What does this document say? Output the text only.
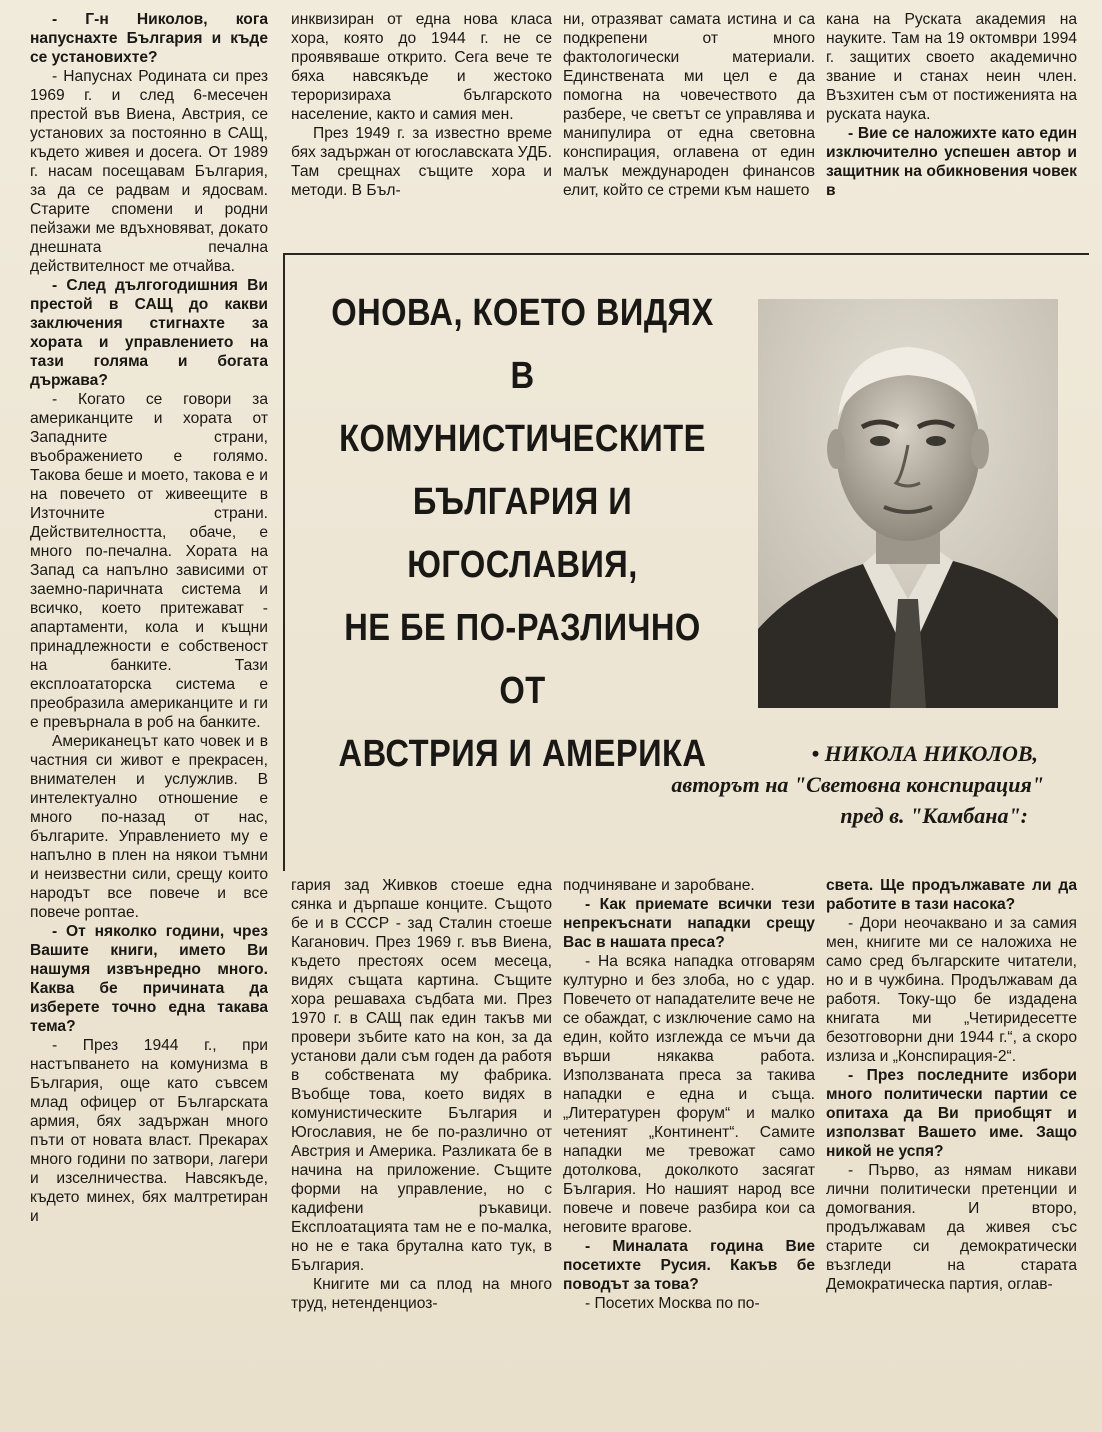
- Г-н Николов, кога напуснахте България и къде се установихте?

- Напуснах Родината си през 1969 г. и след 6-месечен престой във Виена, Австрия, се установих за постоянно в САЩ, където живея и досега. От 1989 г. насам посещавам България, за да се радвам и ядосвам. Старите спомени и родни пейзажи ме вдъхновяват, докато днешната печална действителност ме отчайва.

- След дългогодишния Ви престой в САЩ до какви заключения стигнахте за хората и управлението на тази голяма и богата държава?

- Когато се говори за американците и хората от Западните страни, въображението е голямо. Такова беше и моето, такова е и на повечето от живеещите в Източните страни. Действителността, обаче, е много по-печална. Хората на Запад са напълно зависими от заемно-паричната система и всичко, което притежават - апартаменти, кола и къщни принадлежности е собственост на банките. Тази експлоататорска система е преобразила американците и ги е превърнала в роб на банките.

Американецът като човек и в частния си живот е прекрасен, внимателен и услужлив. В интелектуално отношение е много по-назад от нас, българите. Управлението му е напълно в плен на някои тъмни и неизвестни сили, срещу които народът все повече и все повече роптае.

- От няколко години, чрез Вашите книги, името Ви нашумя извънредно много. Каква бе причината да изберете точно една такава тема?

- През 1944 г., при настъпването на комунизма в България, още като съвсем млад офицер от Българската армия, бях задържан много пъти от новата власт. Прекарах много години по затвори, лагери и изселничества. Навсякъде, където минех, бях малтретиран и

инквизиран от една нова класа хора, която до 1944 г. не се проявяваше открито. Сега вече те бяха навсякъде и жестоко тероризираха българското население, както и самия мен.

През 1949 г. за известно време бях задържан от югославската УДБ. Там срещнах същите хора и методи. В Бъл-

ни, отразяват самата истина и са подкрепени от много фактологически материали. Единствената ми цел е да помогна на човечеството да разбере, че светът се управлява и манипулира от една световна конспирация, оглавена от един малък международен финансов елит, който се стреми към нашето

кана на Руската академия на науките. Там на 19 октомври 1994 г. защитих своето академично звание и станах неин член. Възхитен съм от постиженията на руската наука.

- Вие се наложихте като един изключително успешен автор и защитник на обикновения човек в

ОНОВА, КОЕТО ВИДЯХ
В КОМУНИСТИЧЕСКИТЕ
БЪЛГАРИЯ И
ЮГОСЛАВИЯ,
НЕ БЕ ПО-РАЗЛИЧНО
ОТ
АВСТРИЯ И АМЕРИКА	• НИКОЛА НИКОЛОВ,
авторът на "Световна конспирация"
пред в. "Камбана":

гария зад Живков стоеше една сянка и дърпаше конците. Същото бе и в СССР - зад Сталин стоеше Каганович. През 1969 г. във Виена, където престоях осем месеца, видях същата картина. Същите хора решаваха съдбата ми. През 1970 г. в САЩ пак един такъв ми провери зъбите като на кон, за да установи дали съм годен да работя в собствената му фабрика. Въобще това, което видях в комунистическите България и Югославия, не бе по-различно от Австрия и Америка. Разликата бе в начина на приложение. Същите форми на управление, но с кадифени ръкавици. Експлоатацията там не е по-малка, но не е така брутална като тук, в България.

Книгите ми са плод на много труд, нетенденциоз-

подчиняване и заробване.

- Как приемате всички тези непрекъснати нападки срещу Вас в нашата преса?

- На всяка нападка отговарям културно и без злоба, но с удар. Повечето от нападателите вече не се обаждат, с изключение само на един, който изглежда се мъчи да върши някаква работа. Използваната преса за такива нападки е една и съща. „Литературен форум“ и малко четеният „Континент“. Самите нападки ме тревожат само дотолкова, доколкото засягат България. Но нашият народ все повече и повече разбира кои са неговите врагове.

- Миналата година Вие посетихте Русия. Какъв бе поводът за това?

- Посетих Москва по по-

света. Ще продължавате ли да работите в тази насока?

- Дори неочаквано и за самия мен, книгите ми се наложиха не само сред българските читатели, но и в чужбина. Продължавам да работя. Току-що бе издадена книгата ми „Четиридесетте безотговорни дни 1944 г.“, а скоро излиза и „Конспирация-2“.

- През последните избори много политически партии се опитаха да Ви приобщят и използват Вашето име. Защо никой не успя?

- Първо, аз нямам никави лични политически претенции и домогвания. И второ, продължавам да живея със старите си демократически възгледи на старата Демократическа партия, оглав-
